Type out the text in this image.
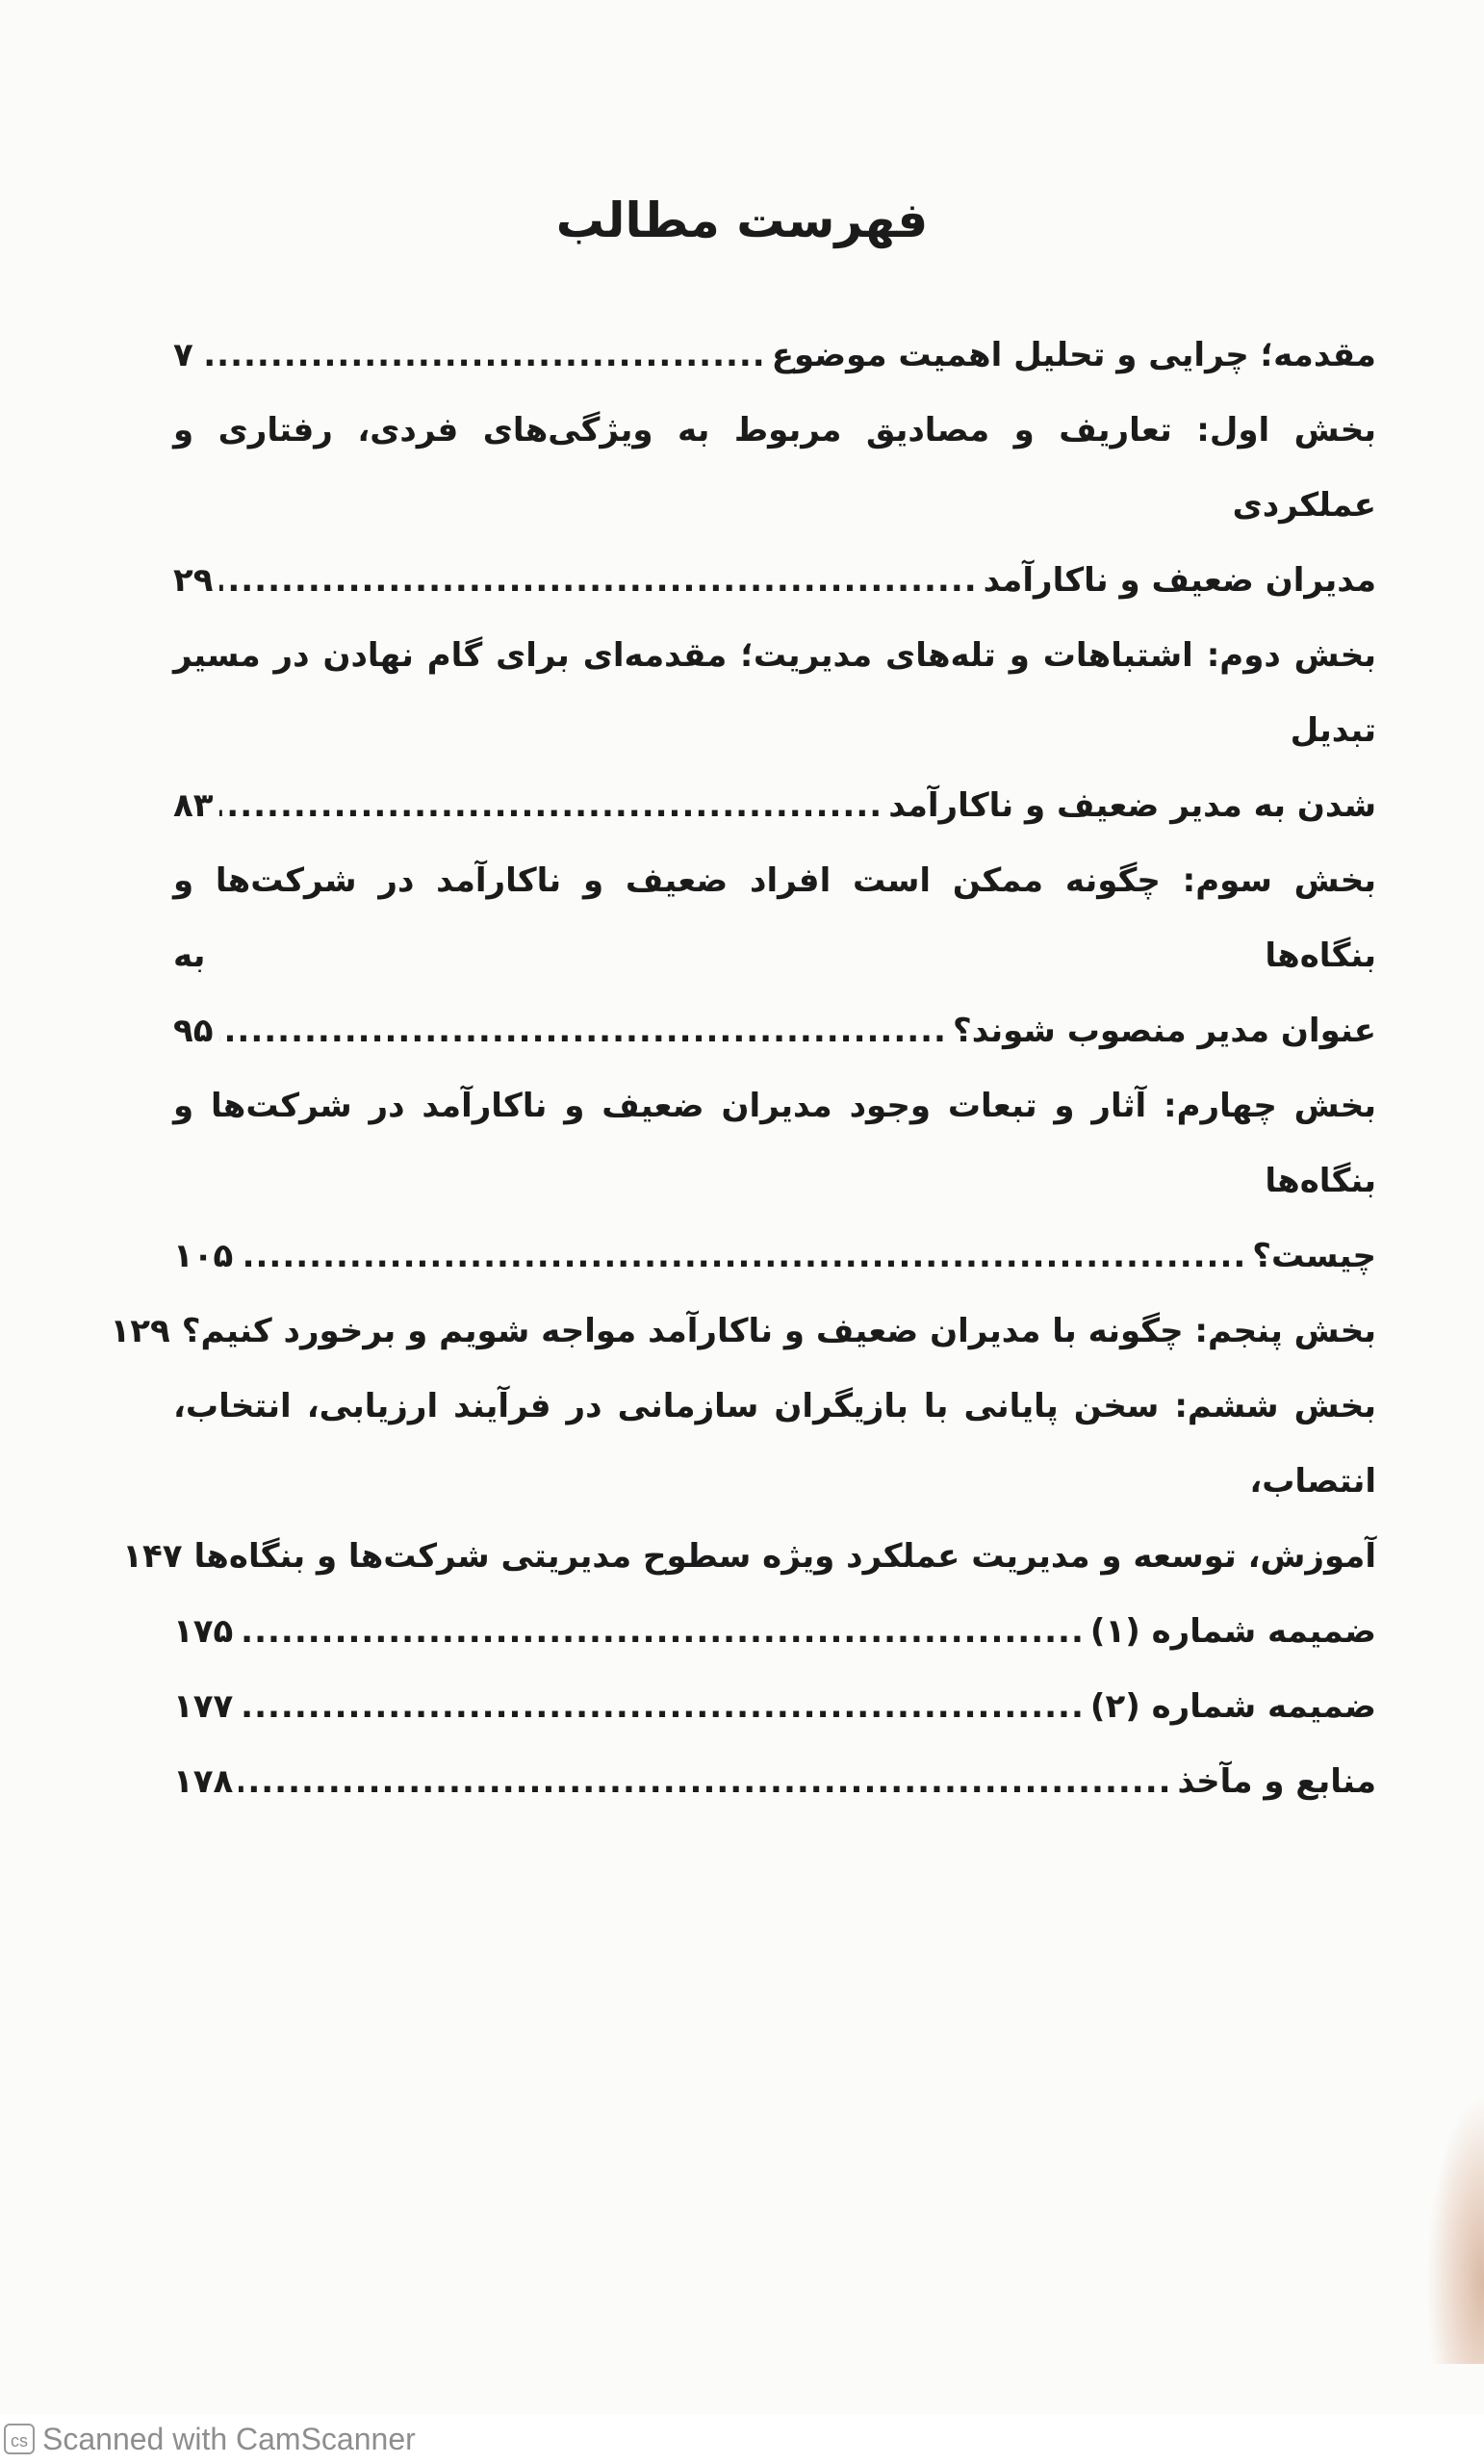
فهرست مطالب
مقدمه؛ چرایی و تحلیل اهمیت موضوع
.....
۷
بخش اول: تعاریف و مصادیق مربوط به ویژگی‌های فردی، رفتاری و عملکردی
مدیران ضعیف و ناکارآمد
.....
۲۹
بخش دوم: اشتباهات و تله‌های مدیریت؛ مقدمه‌ای برای گام نهادن در مسیر تبدیل
شدن به مدیر ضعیف و ناکارآمد
.....
۸۳
بخش سوم: چگونه ممکن است افراد ضعیف و ناکارآمد در شرکت‌ها و بنگاه‌ها به
عنوان مدیر منصوب شوند؟
.....
۹۵
بخش چهارم: آثار و تبعات وجود مدیران ضعیف و ناکارآمد در شرکت‌ها و بنگاه‌ها
چیست؟
.....
۱۰۵
بخش پنجم: چگونه با مدیران ضعیف و ناکارآمد مواجه شویم و برخورد کنیم؟
۱۲۹
بخش ششم: سخن پایانی با بازیگران سازمانی در فرآیند ارزیابی، انتخاب، انتصاب،
آموزش، توسعه و مدیریت عملکرد ویژه سطوح مدیریتی شرکت‌ها و بنگاه‌ها
۱۴۷
ضمیمه شماره (۱)
.....
۱۷۵
ضمیمه شماره (۲)
.....
۱۷۷
منابع و مآخذ
.....
۱۷۸
cs Scanned with CamScanner
